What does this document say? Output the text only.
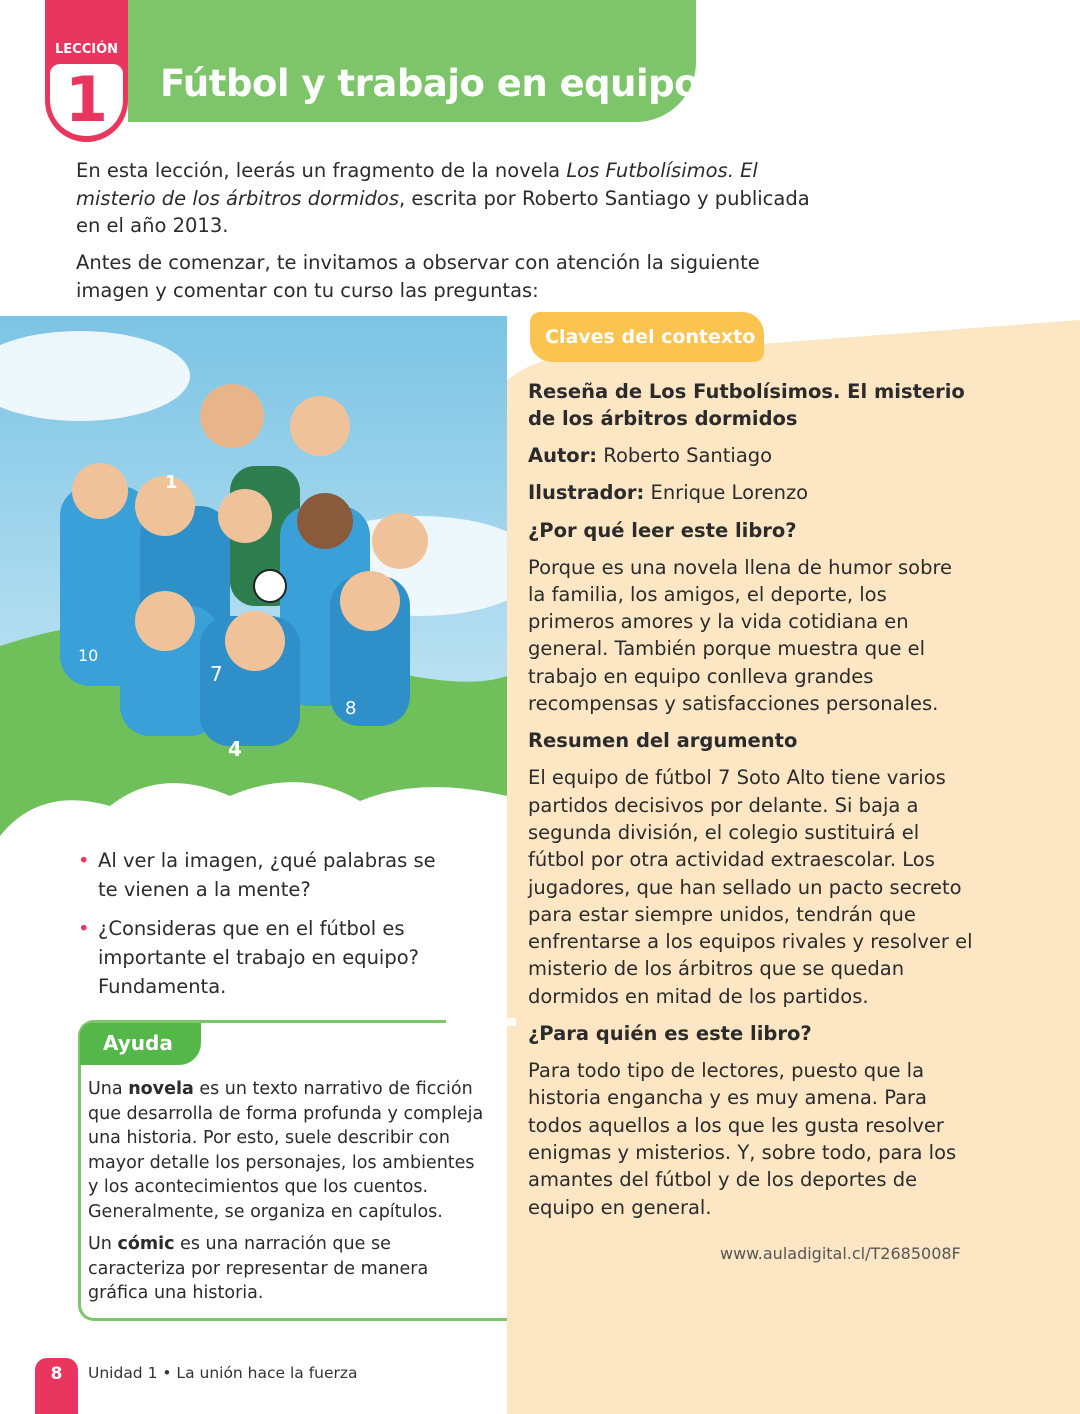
Fútbol y trabajo en equipo
LECCIÓN
1

En esta lección, leerás un fragmento de la novela Los Futbolísimos. El misterio de los árbitros dormidos, escrita por Roberto Santiago y publicada en el año 2013.

Antes de comenzar, te invitamos a observar con atención la siguiente imagen y comentar con tu curso las preguntas:

1
10
7
8
4
Claves del contexto
Reseña de Los Futbolísimos. El misterio de los árbitros dormidos
Autor: Roberto Santiago
Ilustrador: Enrique Lorenzo
¿Por qué leer este libro?
Porque es una novela llena de humor sobre la familia, los amigos, el deporte, los primeros amores y la vida cotidiana en general. También porque muestra que el trabajo en equipo conlleva grandes recompensas y satisfacciones personales.
Resumen del argumento
El equipo de fútbol 7 Soto Alto tiene varios partidos decisivos por delante. Si baja a segunda división, el colegio sustituirá el fútbol por otra actividad extraescolar. Los jugadores, que han sellado un pacto secreto para estar siempre unidos, tendrán que enfrentarse a los equipos rivales y resolver el misterio de los árbitros que se quedan dormidos en mitad de los partidos.
¿Para quién es este libro?
Para todo tipo de lectores, puesto que la historia engancha y es muy amena. Para todos aquellos a los que les gusta resolver enigmas y misterios. Y, sobre todo, para los amantes del fútbol y de los deportes de equipo en general.
www.auladigital.cl/T2685008F
• Al ver la imagen, ¿qué palabras se te vienen a la mente?
• ¿Consideras que en el fútbol es importante el trabajo en equipo? Fundamenta.
Ayuda

Una novela es un texto narrativo de ficción que desarrolla de forma profunda y compleja una historia. Por esto, suele describir con mayor detalle los personajes, los ambientes y los acontecimientos que los cuentos. Generalmente, se organiza en capítulos.

Un cómic es una narración que se caracteriza por representar de manera gráfica una historia.

8	Unidad 1 • La unión hace la fuerza
